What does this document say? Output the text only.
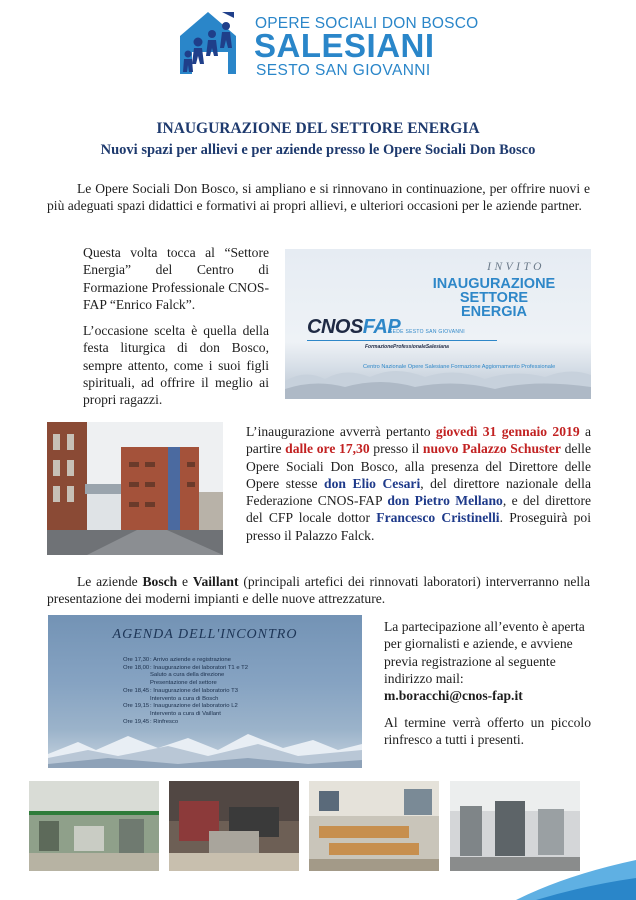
OPERE SOCIALI DON BOSCO
SALESIANI
SESTO SAN GIOVANNI
INAUGURAZIONE DEL SETTORE ENERGIA
Nuovi spazi per allievi e per aziende presso le Opere Sociali Don Bosco

Le Opere Sociali Don Bosco, si ampliano e si rinnovano in continuazione, per offrire nuovi e più adeguati spazi didattici e formativi ai propri allievi, e ulteriori occasioni per le aziende partner.

Questa volta tocca al “Settore Energia” del Centro di Formazione Professionale CNOS-FAP “Enrico Falck”.

L’occasione scelta è quella della festa liturgica di don Bosco, sempre attento, come i suoi figli spirituali, ad offrire il meglio ai propri ragazzi.

INVITO
INAUGURAZIONE
SETTORE
ENERGIA
CNOSFAP
SEDE SESTO SAN GIOVANNI
FormazioneProfessionaleSalesiana
Centro Nazionale Opere Salesiane Formazione Aggiornamento Professionale

L’inaugurazione avverrà pertanto giovedì 31 gennaio 2019 a partire dalle ore 17,30 presso il nuovo Palazzo Schuster delle Opere Sociali Don Bosco, alla presenza del Direttore delle Opere stesse don Elio Cesari, del direttore nazionale della Federazione CNOS-FAP don Pietro Mellano, e del direttore del CFP locale dottor Francesco Cristinelli. Proseguirà poi presso il Palazzo Falck.

Le aziende Bosch e Vaillant (principali artefici dei rinnovati laboratori) interverranno nella presentazione dei moderni impianti e delle nuove attrezzature.

AGENDA DELL'INCONTRO
Ore 17,30 : Arrivo aziende e registrazione
Ore 18,00 : Inaugurazione dei laboratori T1 e T2
Saluto a cura della direzione
Presentazione del settore
Ore 18,45 : Inaugurazione del laboratorio T3
Intervento a cura di Bosch
Ore 19,15 : Inaugurazione del laboratorio L2
Intervento a cura di Vaillant
Ore 19,45 : Rinfresco

La partecipazione all’evento è aperta per giornalisti e aziende, e avviene previa registrazione al seguente indirizzo mail:

m.boracchi@cnos-fap.it

Al termine verrà offerto un piccolo rinfresco a tutti i presenti.
